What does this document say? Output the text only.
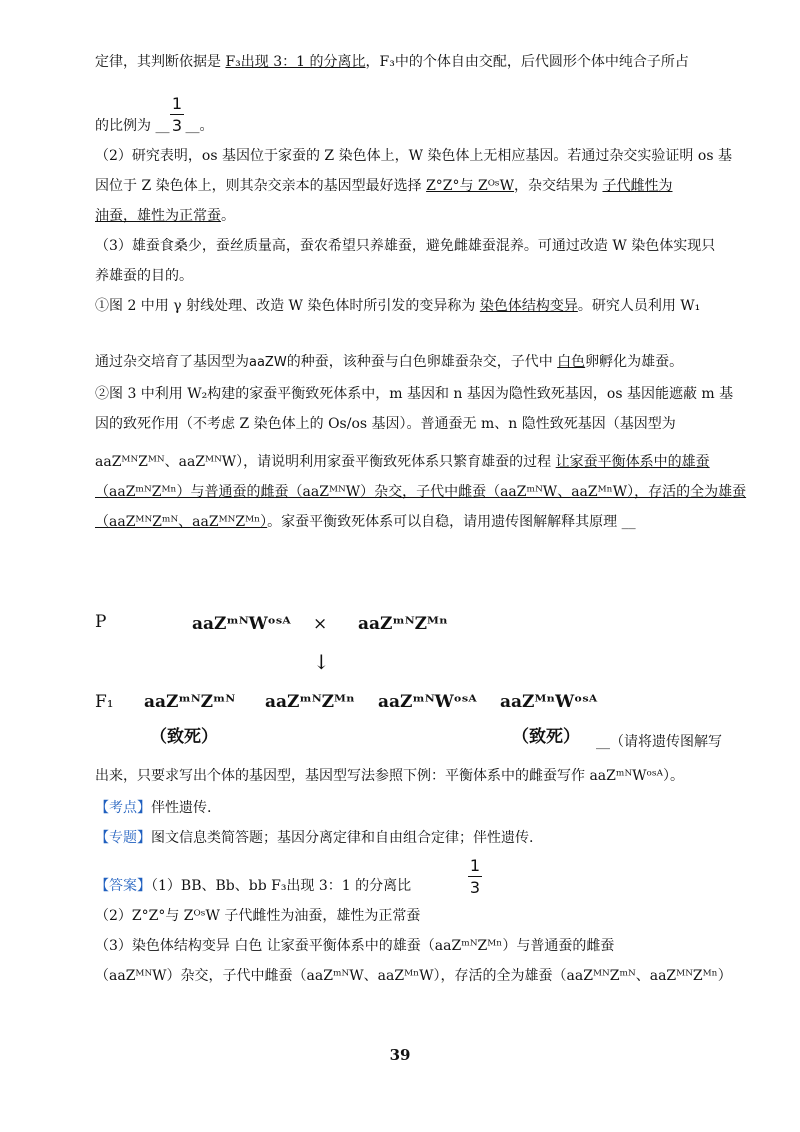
定律，其判断依据是 F₃出现 3：1 的分离比，F₃中的个体自由交配，后代圆形个体中纯合子所占
1
3
的比例为 __ __。
（2）研究表明，os 基因位于家蚕的 Z 染色体上，W 染色体上无相应基因。若通过杂交实验证明 os 基
因位于 Z 染色体上，则其杂交亲本的基因型最好选择 Z°Z°与 ZᴼˢW，杂交结果为 子代雌性为
油蚕，雄性为正常蚕。
（3）雄蚕食桑少，蚕丝质量高，蚕农希望只养雄蚕，避免雌雄蚕混养。可通过改造 W 染色体实现只
养雄蚕的目的。
①图 2 中用 γ 射线处理、改造 W 染色体时所引发的变异称为 染色体结构变异。研究人员利用 W₁
通过杂交培育了基因型为aaZW的种蚕，该种蚕与白色卵雄蚕杂交，子代中 白色卵孵化为雄蚕。
②图 3 中利用 W₂构建的家蚕平衡致死体系中，m 基因和 n 基因为隐性致死基因，os 基因能遮蔽 m 基
因的致死作用（不考虑 Z 染色体上的 Os/os 基因）。普通蚕无 m、n 隐性致死基因（基因型为
aaZᴹᴺZᴹᴺ、aaZᴹᴺW），请说明利用家蚕平衡致死体系只繁育雄蚕的过程 让家蚕平衡体系中的雄蚕
（aaZᵐᴺZᴹⁿ）与普通蚕的雌蚕（aaZᴹᴺW）杂交，子代中雌蚕（aaZᵐᴺW、aaZᴹⁿW），存活的全为雄蚕
（aaZᴹᴺZᵐᴺ、aaZᴹᴺZᴹⁿ）。家蚕平衡致死体系可以自稳，请用遗传图解解释其原理 __
P	aaZᵐᴺWᵒˢᴬ × aaZᵐᴺZᴹⁿ
↓
F₁ aaZᵐᴺZᵐᴺ aaZᵐᴺZᴹⁿ aaZᵐᴺWᵒˢᴬ aaZᴹⁿWᵒˢᴬ
（致死）	（致死） __（请将遗传图解写
出来，只要求写出个体的基因型，基因型写法参照下例：平衡体系中的雌蚕写作 aaZᵐᴺWᵒˢᴬ）。
【考点】伴性遗传.
【专题】图文信息类简答题；基因分离定律和自由组合定律；伴性遗传.
1
3
【答案】（1）BB、Bb、bb F₃出现 3：1 的分离比
（2）Z°Z°与 ZᴼˢW 子代雌性为油蚕，雄性为正常蚕
（3）染色体结构变异 白色 让家蚕平衡体系中的雄蚕（aaZᵐᴺZᴹⁿ）与普通蚕的雌蚕
（aaZᴹᴺW）杂交，子代中雌蚕（aaZᵐᴺW、aaZᴹⁿW），存活的全为雄蚕（aaZᴹᴺZᵐᴺ、aaZᴹᴺZᴹⁿ）
39
